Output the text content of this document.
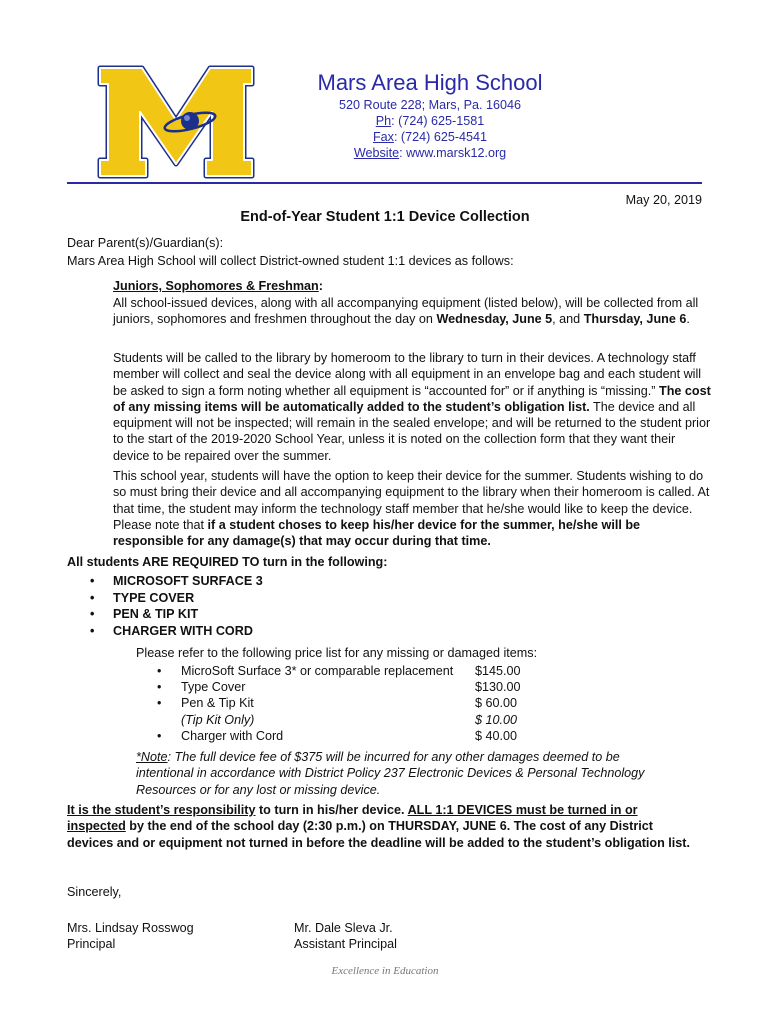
Mars Area High School
520 Route 228; Mars, Pa. 16046
Ph: (724) 625-1581
Fax: (724) 625-4541
Website: www.marsk12.org
May 20, 2019
End-of-Year Student 1:1 Device Collection
Dear Parent(s)/Guardian(s):
Mars Area High School will collect District-owned student 1:1 devices as follows:
Juniors, Sophomores & Freshman:
All school-issued devices, along with all accompanying equipment (listed below), will be collected from all juniors, sophomores and freshmen throughout the day on Wednesday, June 5, and Thursday, June 6.
Students will be called to the library by homeroom to the library to turn in their devices. A technology staff member will collect and seal the device along with all equipment in an envelope bag and each student will be asked to sign a form noting whether all equipment is “accounted for” or if anything is “missing.” The cost of any missing items will be automatically added to the student’s obligation list. The device and all equipment will not be inspected; will remain in the sealed envelope; and will be returned to the student prior to the start of the 2019-2020 School Year, unless it is noted on the collection form that they want their device to be repaired over the summer.
This school year, students will have the option to keep their device for the summer. Students wishing to do so must bring their device and all accompanying equipment to the library when their homeroom is called. At that time, the student may inform the technology staff member that he/she would like to keep the device. Please note that if a student choses to keep his/her device for the summer, he/she will be responsible for any damage(s) that may occur during that time.
All students ARE REQUIRED TO turn in the following:
• MICROSOFT SURFACE 3
• TYPE COVER
• PEN & TIP KIT
• CHARGER WITH CORD
Please refer to the following price list for any missing or damaged items:
• MicroSoft Surface 3* or comparable replacement $145.00
• Type Cover	$130.00
• Pen & Tip Kit	$ 60.00
(Tip Kit Only)	$ 10.00
• Charger with Cord	$ 40.00
*Note: The full device fee of $375 will be incurred for any other damages deemed to be intentional in accordance with District Policy 237 Electronic Devices & Personal Technology Resources or for any lost or missing device.
It is the student’s responsibility to turn in his/her device. ALL 1:1 DEVICES must be turned in or inspected by the end of the school day (2:30 p.m.) on THURSDAY, JUNE 6. The cost of any District devices and or equipment not turned in before the deadline will be added to the student’s obligation list.
Sincerely,
Mrs. Lindsay Rosswog
Principal
Mr. Dale Sleva Jr.
Assistant Principal
Excellence in Education
